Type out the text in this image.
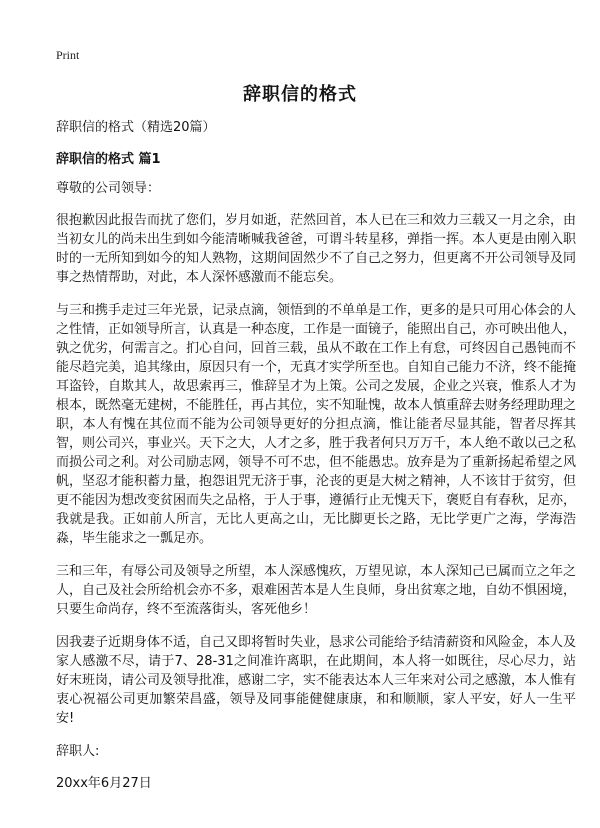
Print
辞职信的格式

辞职信的格式（精选20篇）

辞职信的格式 篇1

尊敬的公司领导：

很抱歉因此报告而扰了您们，岁月如逝，茫然回首，本人已在三和效力三载又一月之余，由当初女儿的尚未出生到如今能清晰喊我爸爸，可谓斗转星移，弹指一挥。本人更是由刚入职时的一无所知到如今的知人熟物，这期间固然少不了自己之努力，但更离不开公司领导及同事之热情帮助，对此，本人深怀感激而不能忘矣。

与三和携手走过三年光景，记录点滴，领悟到的不单单是工作，更多的是只可用心体会的人之性情，正如领导所言，认真是一种态度，工作是一面镜子，能照出自己，亦可映出他人，孰之优劣，何需言之。扪心自问，回首三载，虽从不敢在工作上有怠，可终因自己愚钝而不能尽趋完美，追其缘由，原因只有一个，无真才实学所至也。自知自己能力不济，终不能掩耳盗铃，自欺其人，故思索再三，惟辞呈才为上策。公司之发展，企业之兴衰，惟系人才为根本，既然毫无建树，不能胜任，再占其位，实不知耻愧，故本人慎重辞去财务经理助理之职，本人有愧在其位而不能为公司领导更好的分担点滴，惟让能者尽显其能，智者尽挥其智，则公司兴，事业兴。天下之大，人才之多，胜于我者何只万万千，本人绝不敢以己之私而损公司之利。对公司励志网，领导不可不忠，但不能愚忠。放弃是为了重新扬起希望之风帆，坚忍才能积蓄力量，抱怨诅咒无济于事，沦丧的更是大树之精神，人不该甘于贫穷，但更不能因为想改变贫困而失之品格，于人于事，遵循行止无愧天下，褒贬自有春秋，足亦，我就是我。正如前人所言，无比人更高之山，无比脚更长之路，无比学更广之海，学海浩淼，毕生能求之一瓢足亦。

三和三年，有辱公司及领导之所望，本人深感愧疚，万望见谅，本人深知己已属而立之年之人，自己及社会所给机会亦不多，艰难困苦本是人生良师，身出贫寒之地，自幼不惧困境，只要生命尚存，终不至流落街头，客死他乡！

因我妻子近期身体不适，自己又即将暂时失业，恳求公司能给予结清薪资和风险金，本人及家人感激不尽，请于7、28-31之间准许离职，在此期间，本人将一如既往，尽心尽力，站好末班岗，请公司及领导批准，感谢二字，实不能表达本人三年来对公司之感激，本人惟有衷心祝福公司更加繁荣昌盛，领导及同事能健健康康，和和顺顺，家人平安，好人一生平安!

辞职人:

20xx年6月27日
